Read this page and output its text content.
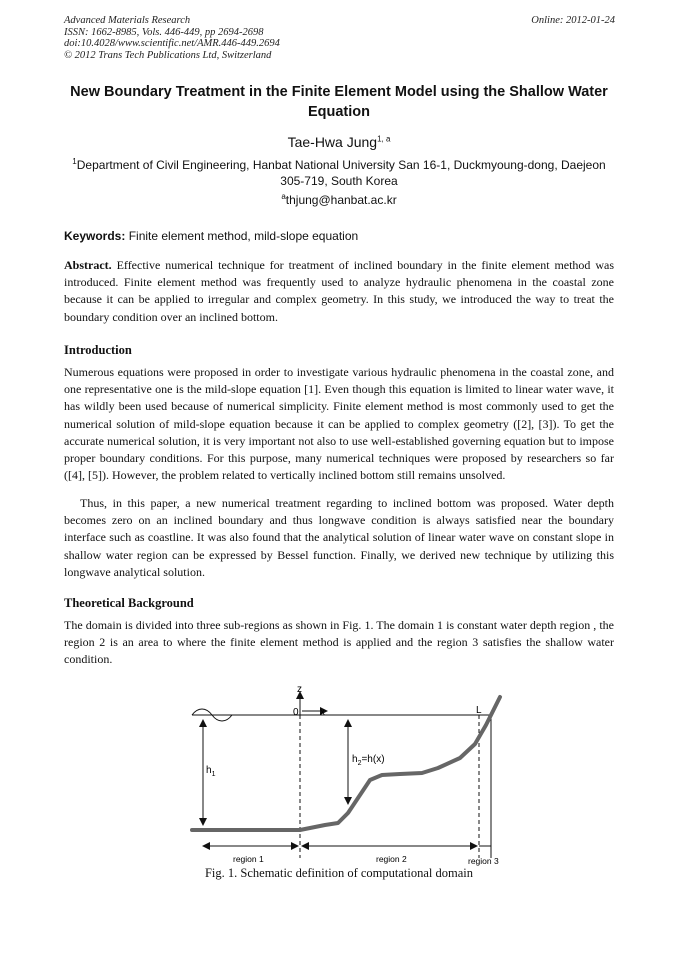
Advanced Materials Research
ISSN: 1662-8985, Vols. 446-449, pp 2694-2698
doi:10.4028/www.scientific.net/AMR.446-449.2694
© 2012 Trans Tech Publications Ltd, Switzerland
Online: 2012-01-24
New Boundary Treatment in the Finite Element Model using the Shallow Water Equation
Tae-Hwa Jung$^{1, a}$
$^1$Department of Civil Engineering, Hanbat National University San 16-1, Duckmyoung-dong, Daejeon 305-719, South Korea
$^a$thjung@hanbat.ac.kr
Keywords: Finite element method, mild-slope equation
Abstract. Effective numerical technique for treatment of inclined boundary in the finite element method was introduced. Finite element method was frequently used to analyze hydraulic phenomena in the coastal zone because it can be applied to irregular and complex geometry. In this study, we introduced the way to treat the boundary condition over an inclined bottom.
Introduction
Numerous equations were proposed in order to investigate various hydraulic phenomena in the coastal zone, and one representative one is the mild-slope equation [1]. Even though this equation is limited to linear water wave, it has wildly been used because of numerical simplicity. Finite element method is most commonly used to get the numerical solution of mild-slope equation because it can be applied to complex geometry ([2], [3]). To get the accurate numerical solution, it is very important not also to use well-established governing equation but to impose proper boundary conditions. For this purpose, many numerical techniques were proposed by researchers so far ([4], [5]). However, the problem related to vertically inclined bottom still remains unsolved.
Thus, in this paper, a new numerical treatment regarding to inclined bottom was proposed. Water depth becomes zero on an inclined boundary and thus longwave condition is always satisfied near the boundary interface such as coastline. It was also found that the analytical solution of linear water wave on constant slope in shallow water region can be expressed by Bessel function. Finally, we derived new technique by utilizing this longwave analytical solution.
Theoretical Background
The domain is divided into three sub-regions as shown in Fig. 1. The domain 1 is constant water depth region , the region 2 is an area to where the finite element method is applied and the region 3 satisfies the shallow water condition.
z
0 x	L
$h_1$
$h_2=h(x)$
region 1	region 2	region 3
Fig. 1. Schematic definition of computational domain
